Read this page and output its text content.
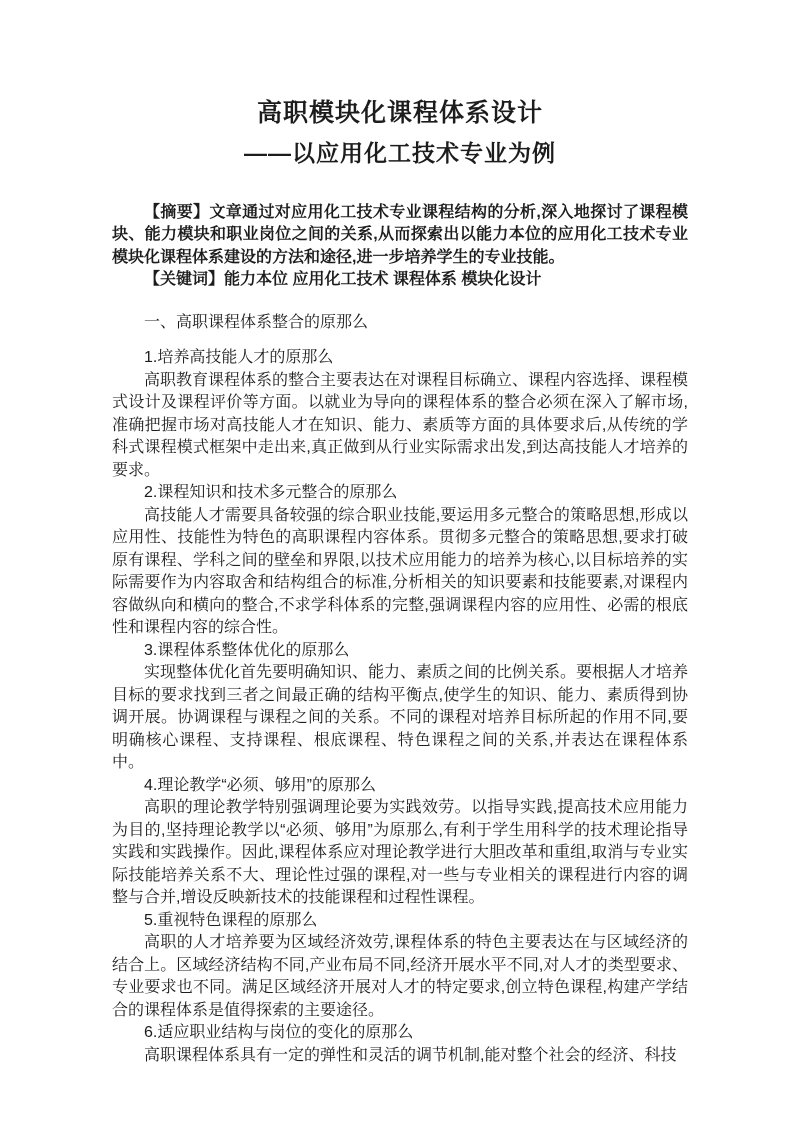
高职模块化课程体系设计
——以应用化工技术专业为例

【摘要】文章通过对应用化工技术专业课程结构的分析,深入地探讨了课程模块、能力模块和职业岗位之间的关系,从而探索出以能力本位的应用化工技术专业模块化课程体系建设的方法和途径,进一步培养学生的专业技能。

【关键词】能力本位 应用化工技术 课程体系 模块化设计

一、高职课程体系整合的原那么

1.培养高技能人才的原那么

高职教育课程体系的整合主要表达在对课程目标确立、课程内容选择、课程模式设计及课程评价等方面。以就业为导向的课程体系的整合必须在深入了解市场,准确把握市场对高技能人才在知识、能力、素质等方面的具体要求后,从传统的学科式课程模式框架中走出来,真正做到从行业实际需求出发,到达高技能人才培养的要求。

2.课程知识和技术多元整合的原那么

高技能人才需要具备较强的综合职业技能,要运用多元整合的策略思想,形成以应用性、技能性为特色的高职课程内容体系。贯彻多元整合的策略思想,要求打破原有课程、学科之间的壁垒和界限,以技术应用能力的培养为核心,以目标培养的实际需要作为内容取舍和结构组合的标准,分析相关的知识要素和技能要素,对课程内容做纵向和横向的整合,不求学科体系的完整,强调课程内容的应用性、必需的根底性和课程内容的综合性。

3.课程体系整体优化的原那么

实现整体优化首先要明确知识、能力、素质之间的比例关系。要根据人才培养目标的要求找到三者之间最正确的结构平衡点,使学生的知识、能力、素质得到协调开展。协调课程与课程之间的关系。不同的课程对培养目标所起的作用不同,要明确核心课程、支持课程、根底课程、特色课程之间的关系,并表达在课程体系中。

4.理论教学“必须、够用”的原那么

高职的理论教学特别强调理论要为实践效劳。以指导实践,提高技术应用能力为目的,坚持理论教学以“必须、够用”为原那么,有利于学生用科学的技术理论指导实践和实践操作。因此,课程体系应对理论教学进行大胆改革和重组,取消与专业实际技能培养关系不大、理论性过强的课程,对一些与专业相关的课程进行内容的调整与合并,增设反映新技术的技能课程和过程性课程。

5.重视特色课程的原那么

高职的人才培养要为区域经济效劳,课程体系的特色主要表达在与区域经济的结合上。区域经济结构不同,产业布局不同,经济开展水平不同,对人才的类型要求、专业要求也不同。满足区域经济开展对人才的特定要求,创立特色课程,构建产学结合的课程体系是值得探索的主要途径。

6.适应职业结构与岗位的变化的原那么

高职课程体系具有一定的弹性和灵活的调节机制,能对整个社会的经济、科技
